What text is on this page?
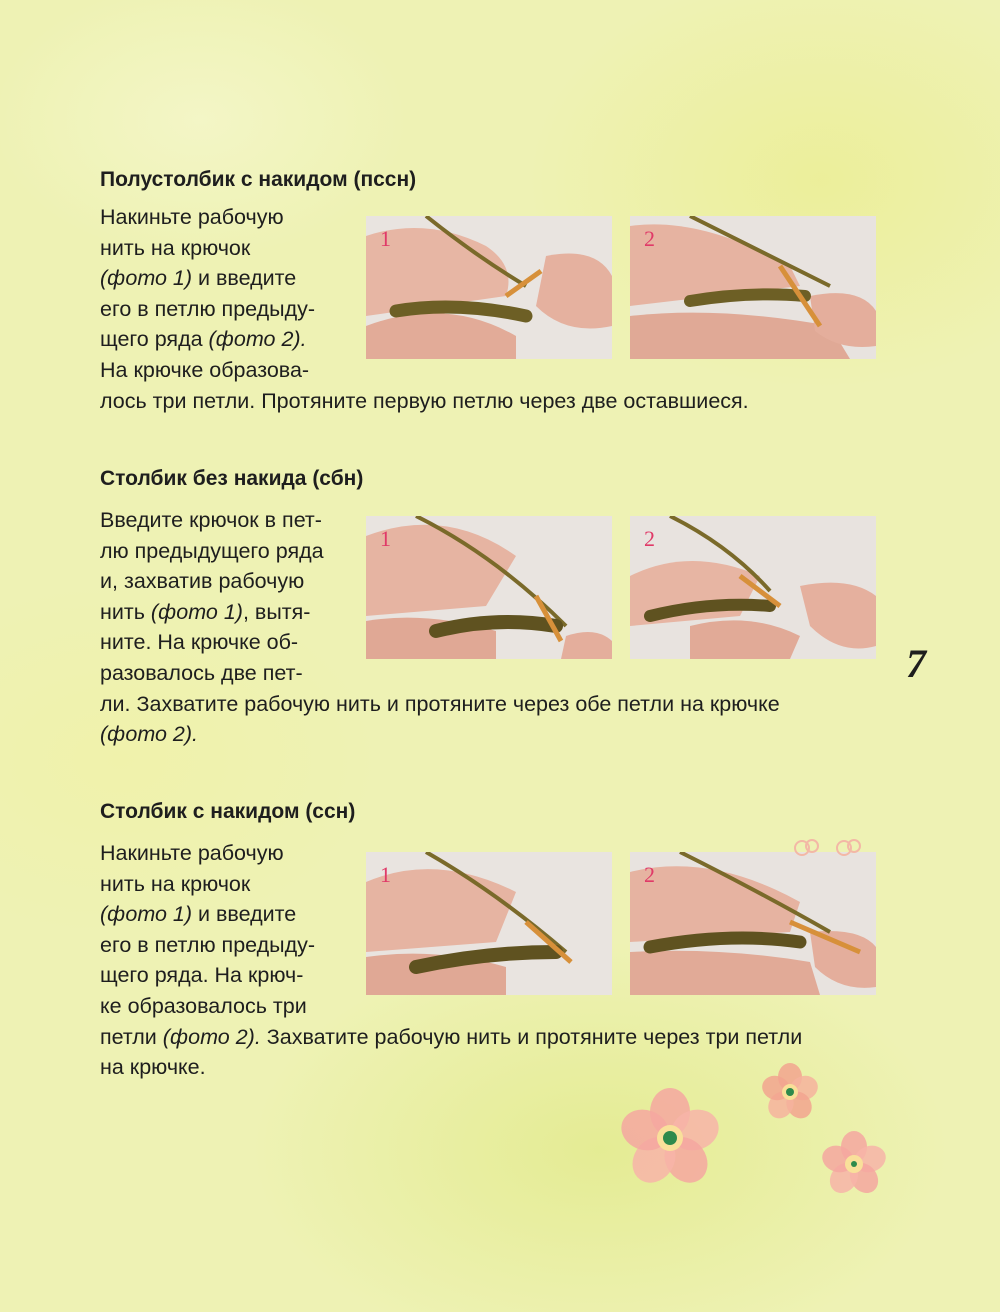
Полустолбик с накидом (пссн)
Накиньте рабочую
нить на крючок
(фото 1) и введите
его в петлю предыду-
щего ряда (фото 2).
На крючке образова-
лось три петли. Протяните первую петлю через две оставшиеся.
1	2
Столбик без накида (сбн)
Введите крючок в пет-
лю предыдущего ряда
и, захватив рабочую
нить (фото 1), вытя-
ните. На крючке об-
разовалось две пет-
ли. Захватите рабочую нить и протяните через обе петли на крючке
(фото 2).
1	2
Столбик с накидом (ссн)
Накиньте рабочую
нить на крючок
(фото 1) и введите
его в петлю предыду-
щего ряда. На крюч-
ке образовалось три
петли (фото 2). Захватите рабочую нить и протяните через три петли
на крючке.
1	2
7
